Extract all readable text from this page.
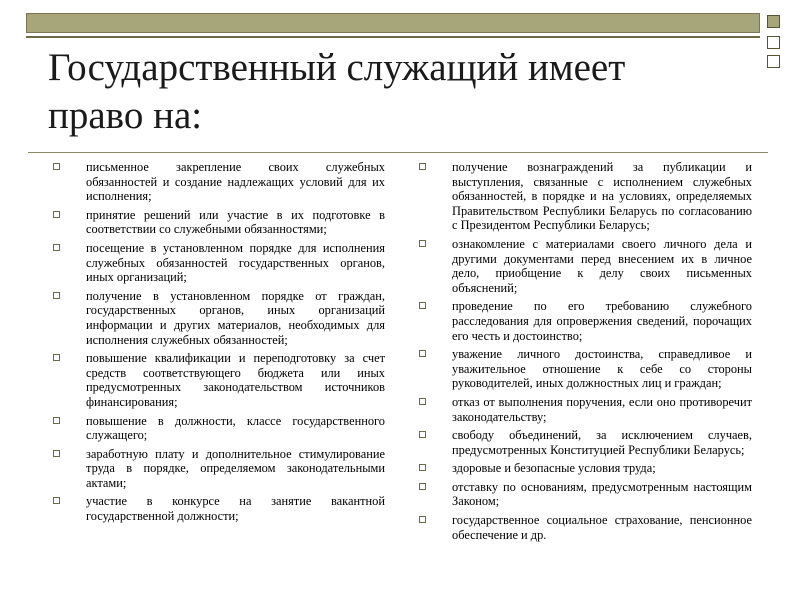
Государственный служащий имеет
право на:
письменное закрепление своих служебных обязанностей и создание надлежащих условий для их исполнения;
принятие решений или участие в их подготовке в соответствии со служебными обязанностями;
посещение в установленном порядке для исполнения служебных обязанностей государственных органов, иных организаций;
получение в установленном порядке от граждан, государственных органов, иных организаций информации и других материалов, необходимых для исполнения служебных обязанностей;
повышение квалификации и переподготовку за счет средств соответствующего бюджета или иных предусмотренных законодательством источников финансирования;
повышение в должности, классе государственного служащего;
заработную плату и дополнительное стимулирование труда в порядке, определяемом законодательными актами;
участие в конкурсе на занятие вакантной государственной должности;
получение вознаграждений за публикации и выступления, связанные с исполнением служебных обязанностей, в порядке и на условиях, определяемых Правительством Республики Беларусь по согласованию с Президентом Республики Беларусь;
ознакомление с материалами своего личного дела и другими документами перед внесением их в личное дело, приобщение к делу своих письменных объяснений;
проведение по его требованию служебного расследования для опровержения сведений, порочащих его честь и достоинство;
уважение личного достоинства, справедливое и уважительное отношение к себе со стороны руководителей, иных должностных лиц и граждан;
отказ от выполнения поручения, если оно противоречит законодательству;
свободу объединений, за исключением случаев, предусмотренных Конституцией Республики Беларусь;
здоровые и безопасные условия труда;
отставку по основаниям, предусмотренным настоящим Законом;
государственное социальное страхование, пенсионное обеспечение и др.
